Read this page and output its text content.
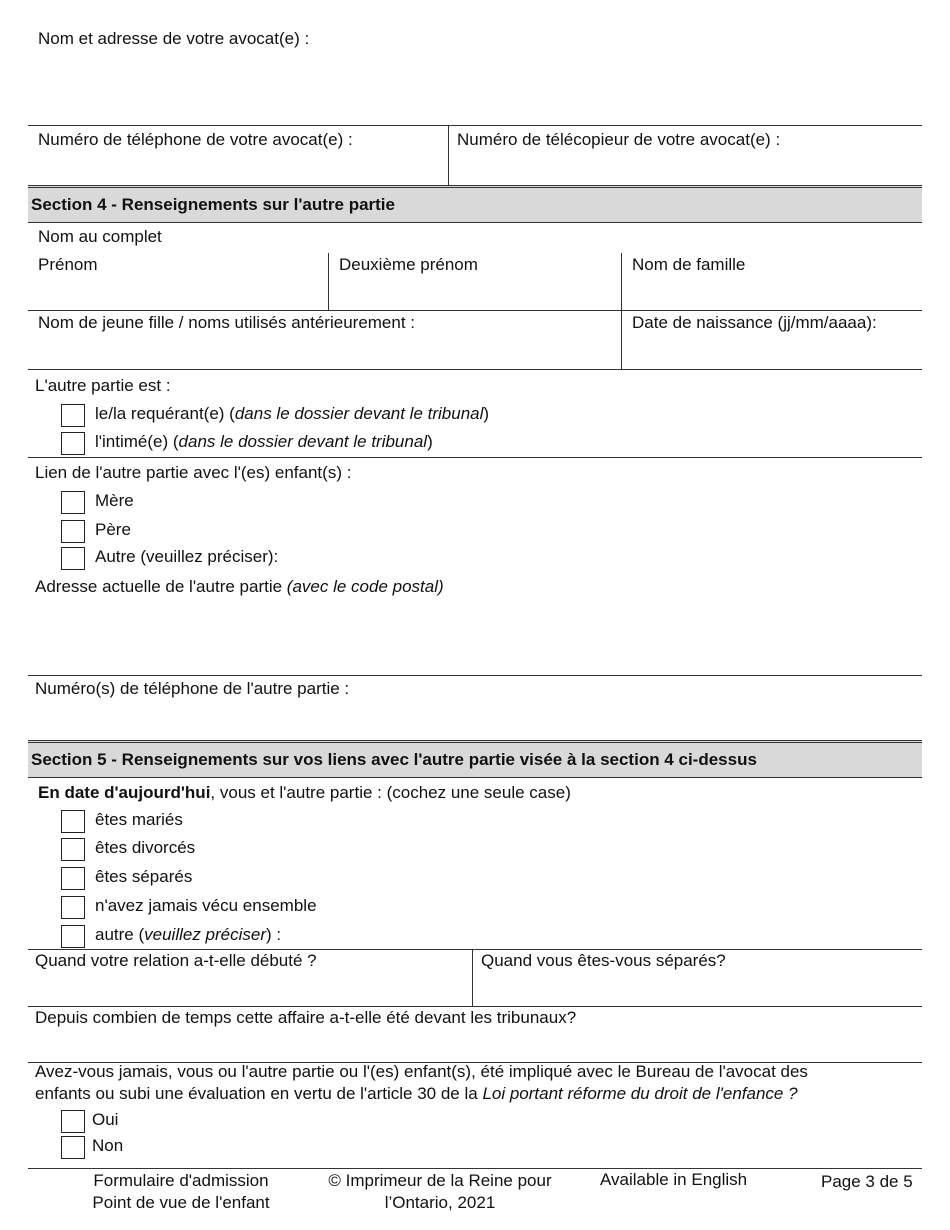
Nom et adresse de votre avocat(e) :
Numéro de téléphone de votre avocat(e) :	Numéro de télécopieur de votre avocat(e) :
Section 4 - Renseignements sur l'autre partie
Nom au complet
Prénom	Deuxième prénom	Nom de famille
Nom de jeune fille / noms utilisés antérieurement :	Date de naissance (jj/mm/aaaa):
L'autre partie est :
le/la requérant(e) (dans le dossier devant le tribunal)
l'intimé(e) (dans le dossier devant le tribunal)
Lien de l'autre partie avec l'(es) enfant(s) :
Mère
Père
Autre (veuillez préciser):
Adresse actuelle de l'autre partie (avec le code postal)
Numéro(s) de téléphone de l'autre partie :
Section 5 - Renseignements sur vos liens avec l'autre partie visée à la section 4 ci-dessus
En date d'aujourd'hui, vous et l'autre partie : (cochez une seule case)
êtes mariés
êtes divorcés
êtes séparés
n'avez jamais vécu ensemble
autre (veuillez préciser) :
Quand votre relation a-t-elle débuté ?	Quand vous êtes-vous séparés?
Depuis combien de temps cette affaire a-t-elle été devant les tribunaux?
Avez-vous jamais, vous ou l'autre partie ou l'(es) enfant(s), été impliqué avec le Bureau de l'avocat des
enfants ou subi une évaluation en vertu de l'article 30 de la Loi portant réforme du droit de l'enfance ?
Oui
Non
Formulaire d'admission
Point de vue de l'enfant
© Imprimeur de la Reine pour
l’Ontario, 2021
Available in English	Page 3 de 5
